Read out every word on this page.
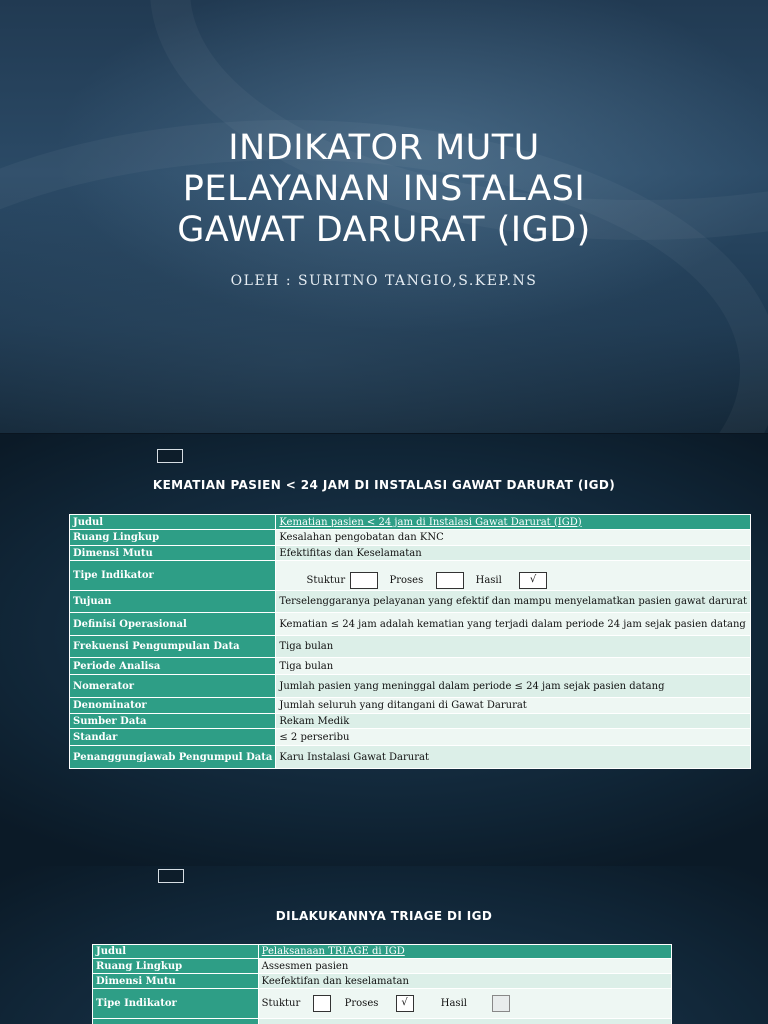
INDIKATOR MUTU
PELAYANAN INSTALASI
GAWAT DARURAT (IGD)
OLEH : SURITNO TANGIO,S.KEP.NS
KEMATIAN PASIEN < 24 JAM DI INSTALASI GAWAT DARURAT (IGD)
Judul	Kematian pasien < 24 jam di Instalasi Gawat Darurat (IGD)
Ruang Lingkup	Kesalahan pengobatan dan KNC
Dimensi Mutu	Efektifitas dan Keselamatan
Tipe Indikator	Stuktur Proses Hasil √

Tujuan	Terselenggaranya pelayanan yang efektif dan mampu menyelamatkan pasien gawat darurat
Definisi Operasional	Kematian ≤ 24 jam adalah kematian yang terjadi dalam periode 24 jam sejak pasien datang
Frekuensi Pengumpulan Data	Tiga bulan
Periode Analisa	Tiga bulan
Nomerator	Jumlah pasien yang meninggal dalam periode ≤ 24 jam sejak pasien datang
Denominator	Jumlah seluruh yang ditangani di Gawat Darurat
Sumber Data	Rekam Medik
Standar	≤ 2 perseribu
Penanggungjawab Pengumpul Data	Karu Instalasi Gawat Darurat
DILAKUKANNYA TRIAGE DI IGD
Judul	Pelaksanaan TRIAGE di IGD
Ruang Lingkup	Assesmen pasien
Dimensi Mutu	Keefektifan dan keselamatan
Tipe Indikator	Stuktur Proses √ Hasil
